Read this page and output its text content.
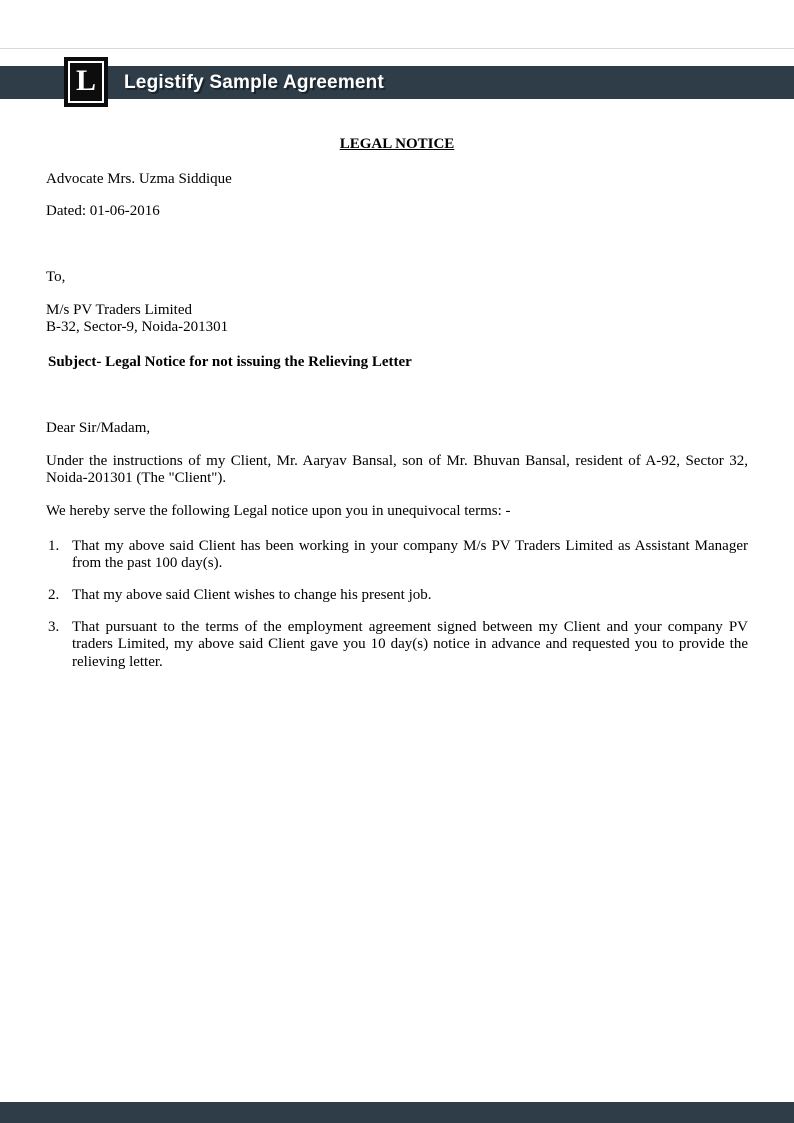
L Legistify Sample Agreement
LEGAL NOTICE
Advocate Mrs. Uzma Siddique
Dated: 01-06-2016
To,
M/s PV Traders Limited
B-32, Sector-9, Noida-201301
Subject- Legal Notice for not issuing the Relieving Letter
Dear Sir/Madam,
Under the instructions of my Client, Mr. Aaryav Bansal, son of Mr. Bhuvan Bansal, resident of A-92, Sector 32, Noida-201301 (The "Client").
We hereby serve the following Legal notice upon you in unequivocal terms: -
1. That my above said Client has been working in your company M/s PV Traders Limited as Assistant Manager from the past 100 day(s).
2. That my above said Client wishes to change his present job.
3. That pursuant to the terms of the employment agreement signed between my Client and your company PV traders Limited, my above said Client gave you 10 day(s) notice in advance and requested you to provide the relieving letter.
